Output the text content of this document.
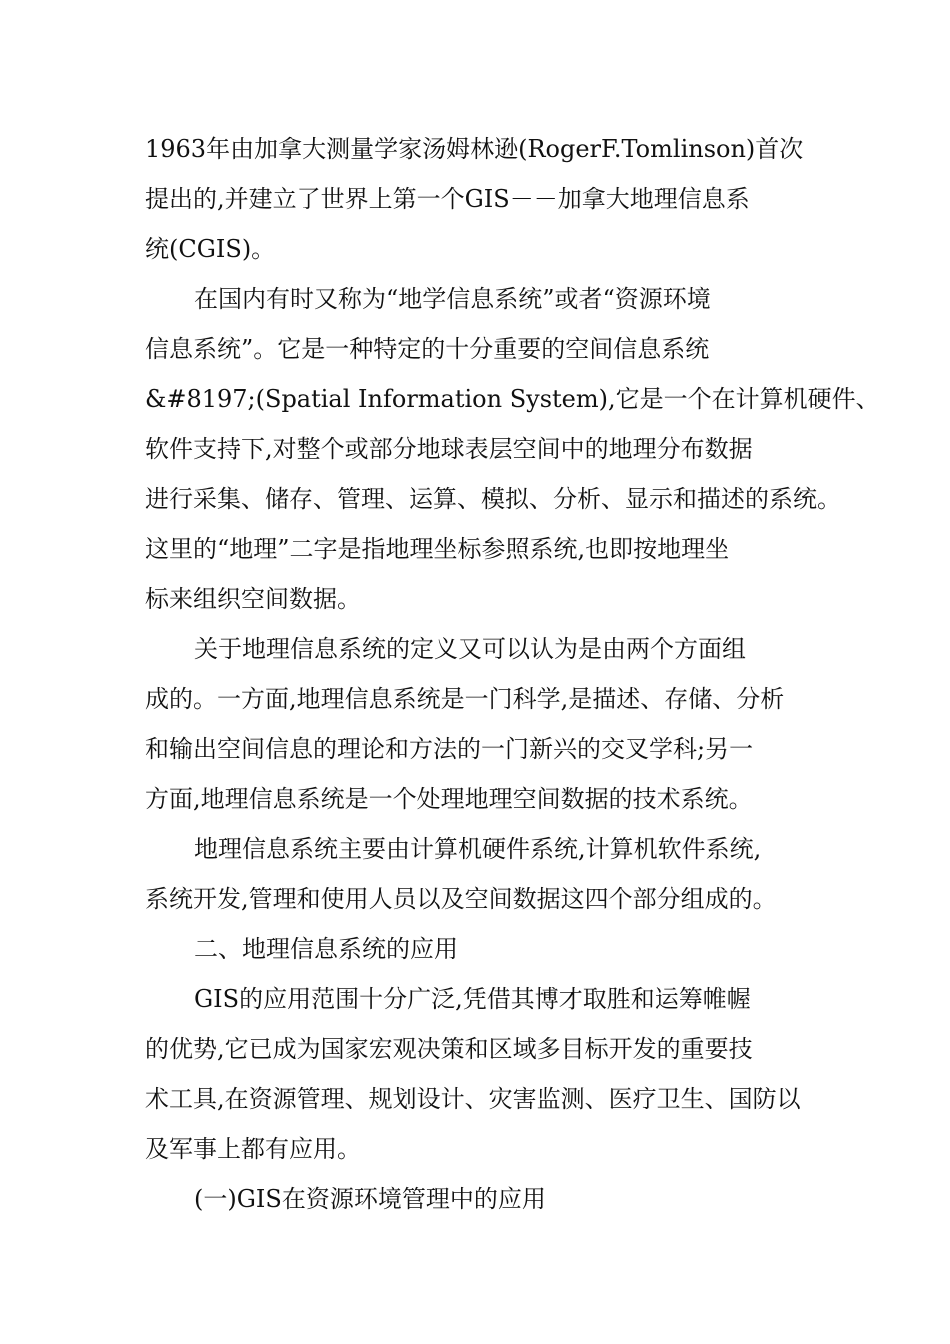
1963年由加拿大测量学家汤姆林逊(RogerF.Tomlinson)首次
提出的,并建立了世界上第一个GIS－－加拿大地理信息系
统(CGIS)。
在国内有时又称为“地学信息系统”或者“资源环境
信息系统”。它是一种特定的十分重要的空间信息系统
&#8197;(Spatial Information System),它是一个在计算机硬件、
软件支持下,对整个或部分地球表层空间中的地理分布数据
进行采集、储存、管理、运算、模拟、分析、显示和描述的系统。
这里的“地理”二字是指地理坐标参照系统,也即按地理坐
标来组织空间数据。
关于地理信息系统的定义又可以认为是由两个方面组
成的。一方面,地理信息系统是一门科学,是描述、存储、分析
和输出空间信息的理论和方法的一门新兴的交叉学科;另一
方面,地理信息系统是一个处理地理空间数据的技术系统。
地理信息系统主要由计算机硬件系统,计算机软件系统,
系统开发,管理和使用人员以及空间数据这四个部分组成的。
二、地理信息系统的应用
GIS的应用范围十分广泛,凭借其博才取胜和运筹帷幄
的优势,它已成为国家宏观决策和区域多目标开发的重要技
术工具,在资源管理、规划设计、灾害监测、医疗卫生、国防以
及军事上都有应用。
(一)GIS在资源环境管理中的应用
